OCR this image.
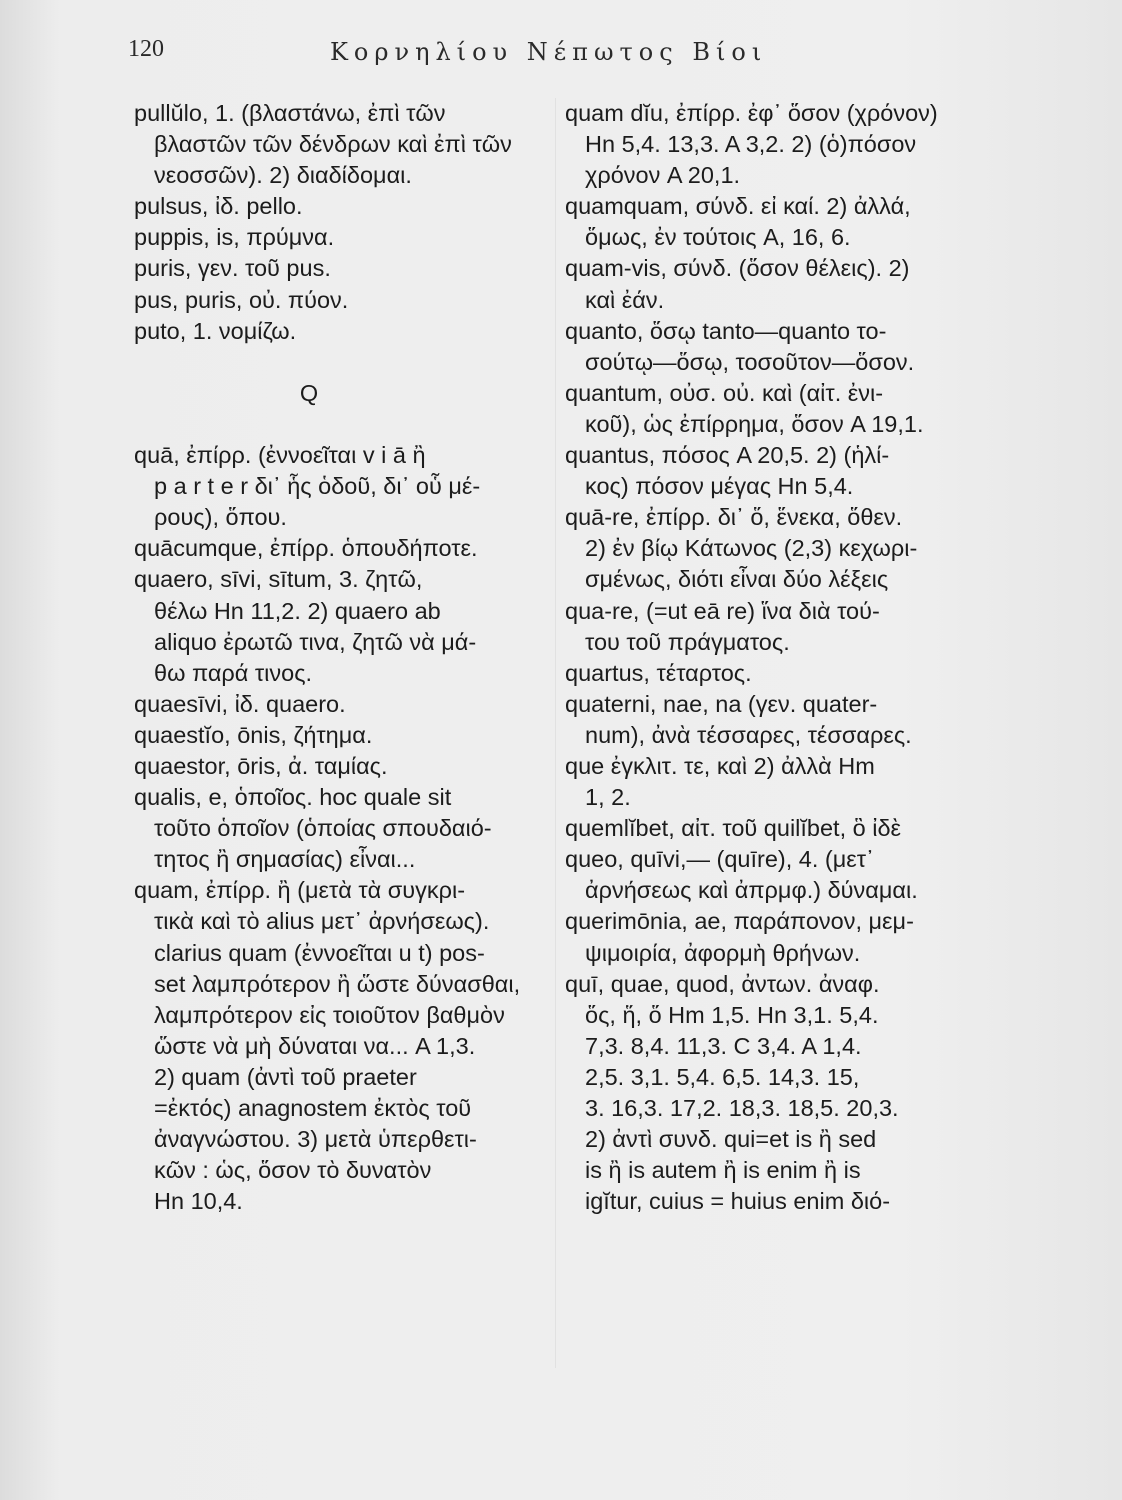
120	Κορνηλίου Νέπωτος Βίοι
pullŭlo, 1. (βλαστάνω, ἐπὶ τῶν
βλαστῶν τῶν δένδρων καὶ ἐπὶ τῶν
νεοσσῶν). 2) διαδίδομαι.
pulsus, ἰδ. pello.
puppis, is, πρύμνα.
puris, γεν. τοῦ pus.
pus, puris, οὐ. πύον.
puto, 1. νομίζω.
Q
quā, ἐπίρρ. (ἐννοεῖται v i ā ἢ
p a r t e r δι᾿ ἧς ὁδοῦ, δι᾿ οὗ μέ-
ρους), ὅπου.
quācumque, ἐπίρρ. ὁπουδήποτε.
quaero, sīvi, sītum, 3. ζητῶ,
θέλω Hn 11,2. 2) quaero ab
aliquo ἐρωτῶ τινα, ζητῶ νὰ μά-
θω παρά τινος.
quaesīvi, ἰδ. quaero.
quaestĭo, ōnis, ζήτημα.
quaestor, ōris, ἀ. ταμίας.
qualis, e, ὁποῖος. hoc quale sit
τοῦτο ὁποῖον (ὁποίας σπουδαιό-
τητος ἢ σημασίας) εἶναι...
quam, ἐπίρρ. ἢ (μετὰ τὰ συγκρι-
τικὰ καὶ τὸ alius μετ᾿ ἀρνήσεως).
clarius quam (ἐννοεῖται u t) pos-
set λαμπρότερον ἢ ὥστε δύνασθαι,
λαμπρότερον εἰς τοιοῦτον βαθμὸν
ὥστε νὰ μὴ δύναται να... A 1,3.
2) quam (ἀντὶ τοῦ praeter
=ἐκτός) anagnostem ἐκτὸς τοῦ
ἀναγνώστου. 3) μετὰ ὑπερθετι-
κῶν : ὡς, ὅσον τὸ δυνατὸν
Hn 10,4.
quam dĭu, ἐπίρρ. ἐφ᾿ ὅσον (χρόνον)
Hn 5,4. 13,3. A 3,2. 2) (ὁ)πόσον
χρόνον A 20,1.
quamquam, σύνδ. εἰ καί. 2) ἀλλά,
ὅμως, ἐν τούτοις A, 16, 6.
quam-vis, σύνδ. (ὅσον θέλεις). 2)
καὶ ἐάν.
quanto, ὅσῳ tanto—quanto το-
σούτῳ—ὅσῳ, τοσοῦτον—ὅσον.
quantum, οὐσ. οὐ. καὶ (αἰτ. ἐνι-
κοῦ), ὡς ἐπίρρημα, ὅσον A 19,1.
quantus, πόσος A 20,5. 2) (ἡλί-
κος) πόσον μέγας Hn 5,4.
quā-re, ἐπίρρ. δι᾿ ὅ, ἕνεκα, ὅθεν.
2) ἐν βίῳ Κάτωνος (2,3) κεχωρι-
σμένως, διότι εἶναι δύο λέξεις
qua-re, (=ut eā re) ἵνα διὰ τού-
του τοῦ πράγματος.
quartus, τέταρτος.
quaterni, nae, na (γεν. quater-
num), ἀνὰ τέσσαρες, τέσσαρες.
que ἐγκλιτ. τε, καὶ 2) ἀλλὰ Hm
1, 2.
quemlĭbet, αἰτ. τοῦ quilĭbet, ὃ ἰδὲ
queo, quīvi,— (quīre), 4. (μετ᾿
ἀρνήσεως καὶ ἀπρμφ.) δύναμαι.
querimōnia, ae, παράπονον, μεμ-
ψιμοιρία, ἀφορμὴ θρήνων.
quī, quae, quod, ἀντων. ἀναφ.
ὅς, ἥ, ὅ Hm 1,5. Hn 3,1. 5,4.
7,3. 8,4. 11,3. C 3,4. A 1,4.
2,5. 3,1. 5,4. 6,5. 14,3. 15,
3. 16,3. 17,2. 18,3. 18,5. 20,3.
2) ἀντὶ συνδ. qui=et is ἢ sed
is ἢ is autem ἢ is enim ἢ is
igĭtur, cuius = huius enim διό-
